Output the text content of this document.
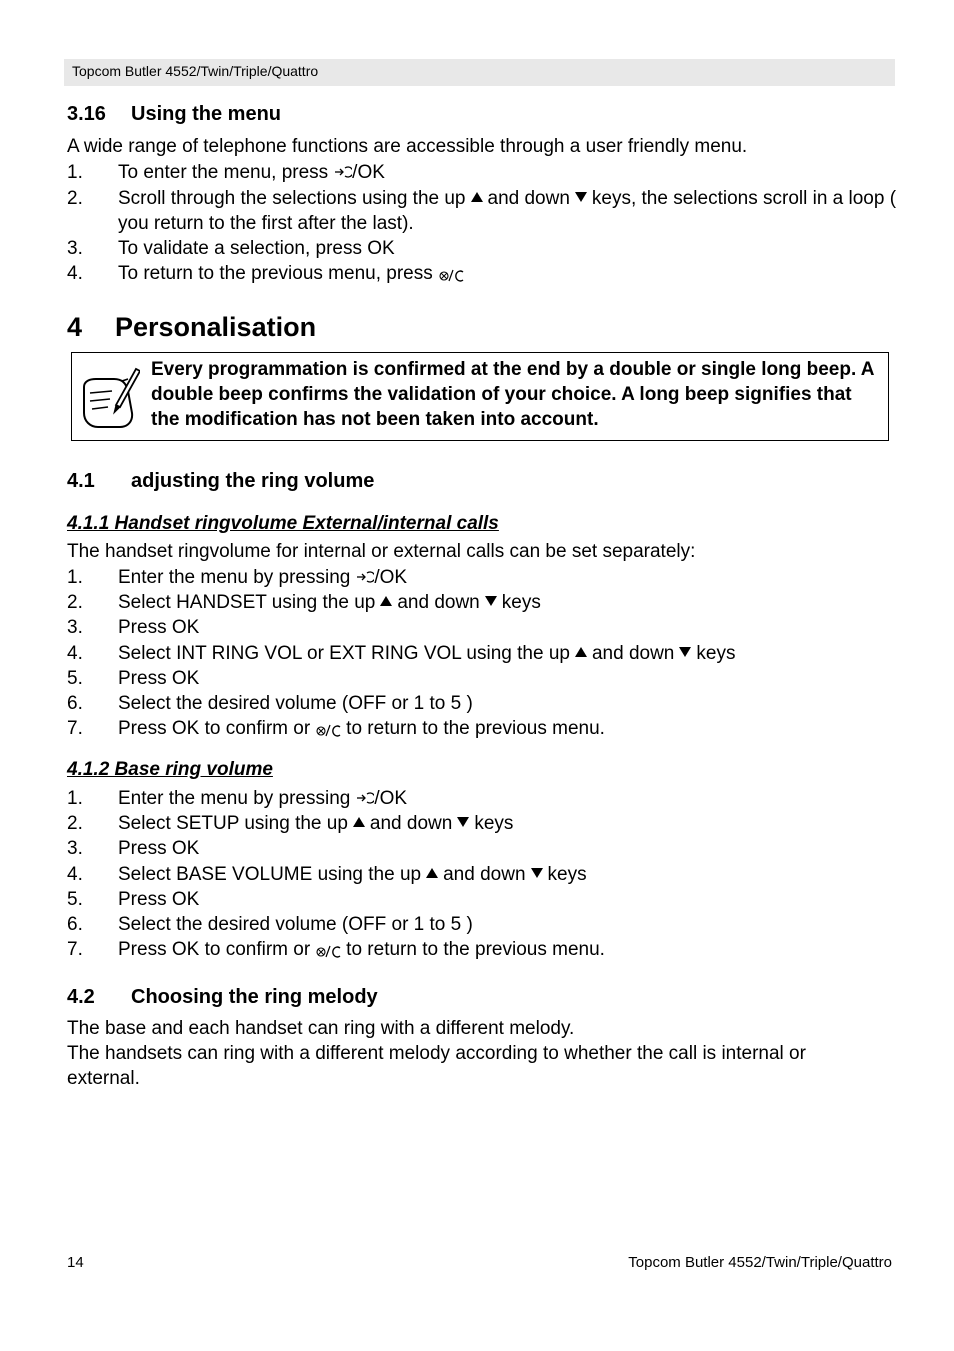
Topcom Butler 4552/Twin/Triple/Quattro
3.16 Using the menu
A wide range of telephone functions are accessible through a user friendly menu.
1. To enter the menu, press /OK
2. Scroll through the selections using the up and down keys, the selections scroll in a loop ( you return to the first after the last).
3. To validate a selection, press OK
4. To return to the previous menu, press
4 Personalisation
Every programmation is confirmed at the end by a double or single long beep. A double beep confirms the validation of your choice. A long beep signifies that the modification has not been taken into account.
4.1 adjusting the ring volume
4.1.1 Handset ringvolume External/internal calls
The handset ringvolume for internal or external calls can be set separately:
1. Enter the menu by pressing /OK
2. Select HANDSET using the up and down keys
3. Press OK
4. Select INT RING VOL or EXT RING VOL using the up and down keys
5. Press OK
6. Select the desired volume (OFF or 1 to 5 )
7. Press OK to confirm or to return to the previous menu.
4.1.2 Base ring volume
1. Enter the menu by pressing /OK
2. Select SETUP using the up and down keys
3. Press OK
4. Select BASE VOLUME using the up and down keys
5. Press OK
6. Select the desired volume (OFF or 1 to 5 )
7. Press OK to confirm or to return to the previous menu.
4.2 Choosing the ring melody
The base and each handset can ring with a different melody.
The handsets can ring with a different melody according to whether the call is internal or external.
14	Topcom Butler 4552/Twin/Triple/Quattro
